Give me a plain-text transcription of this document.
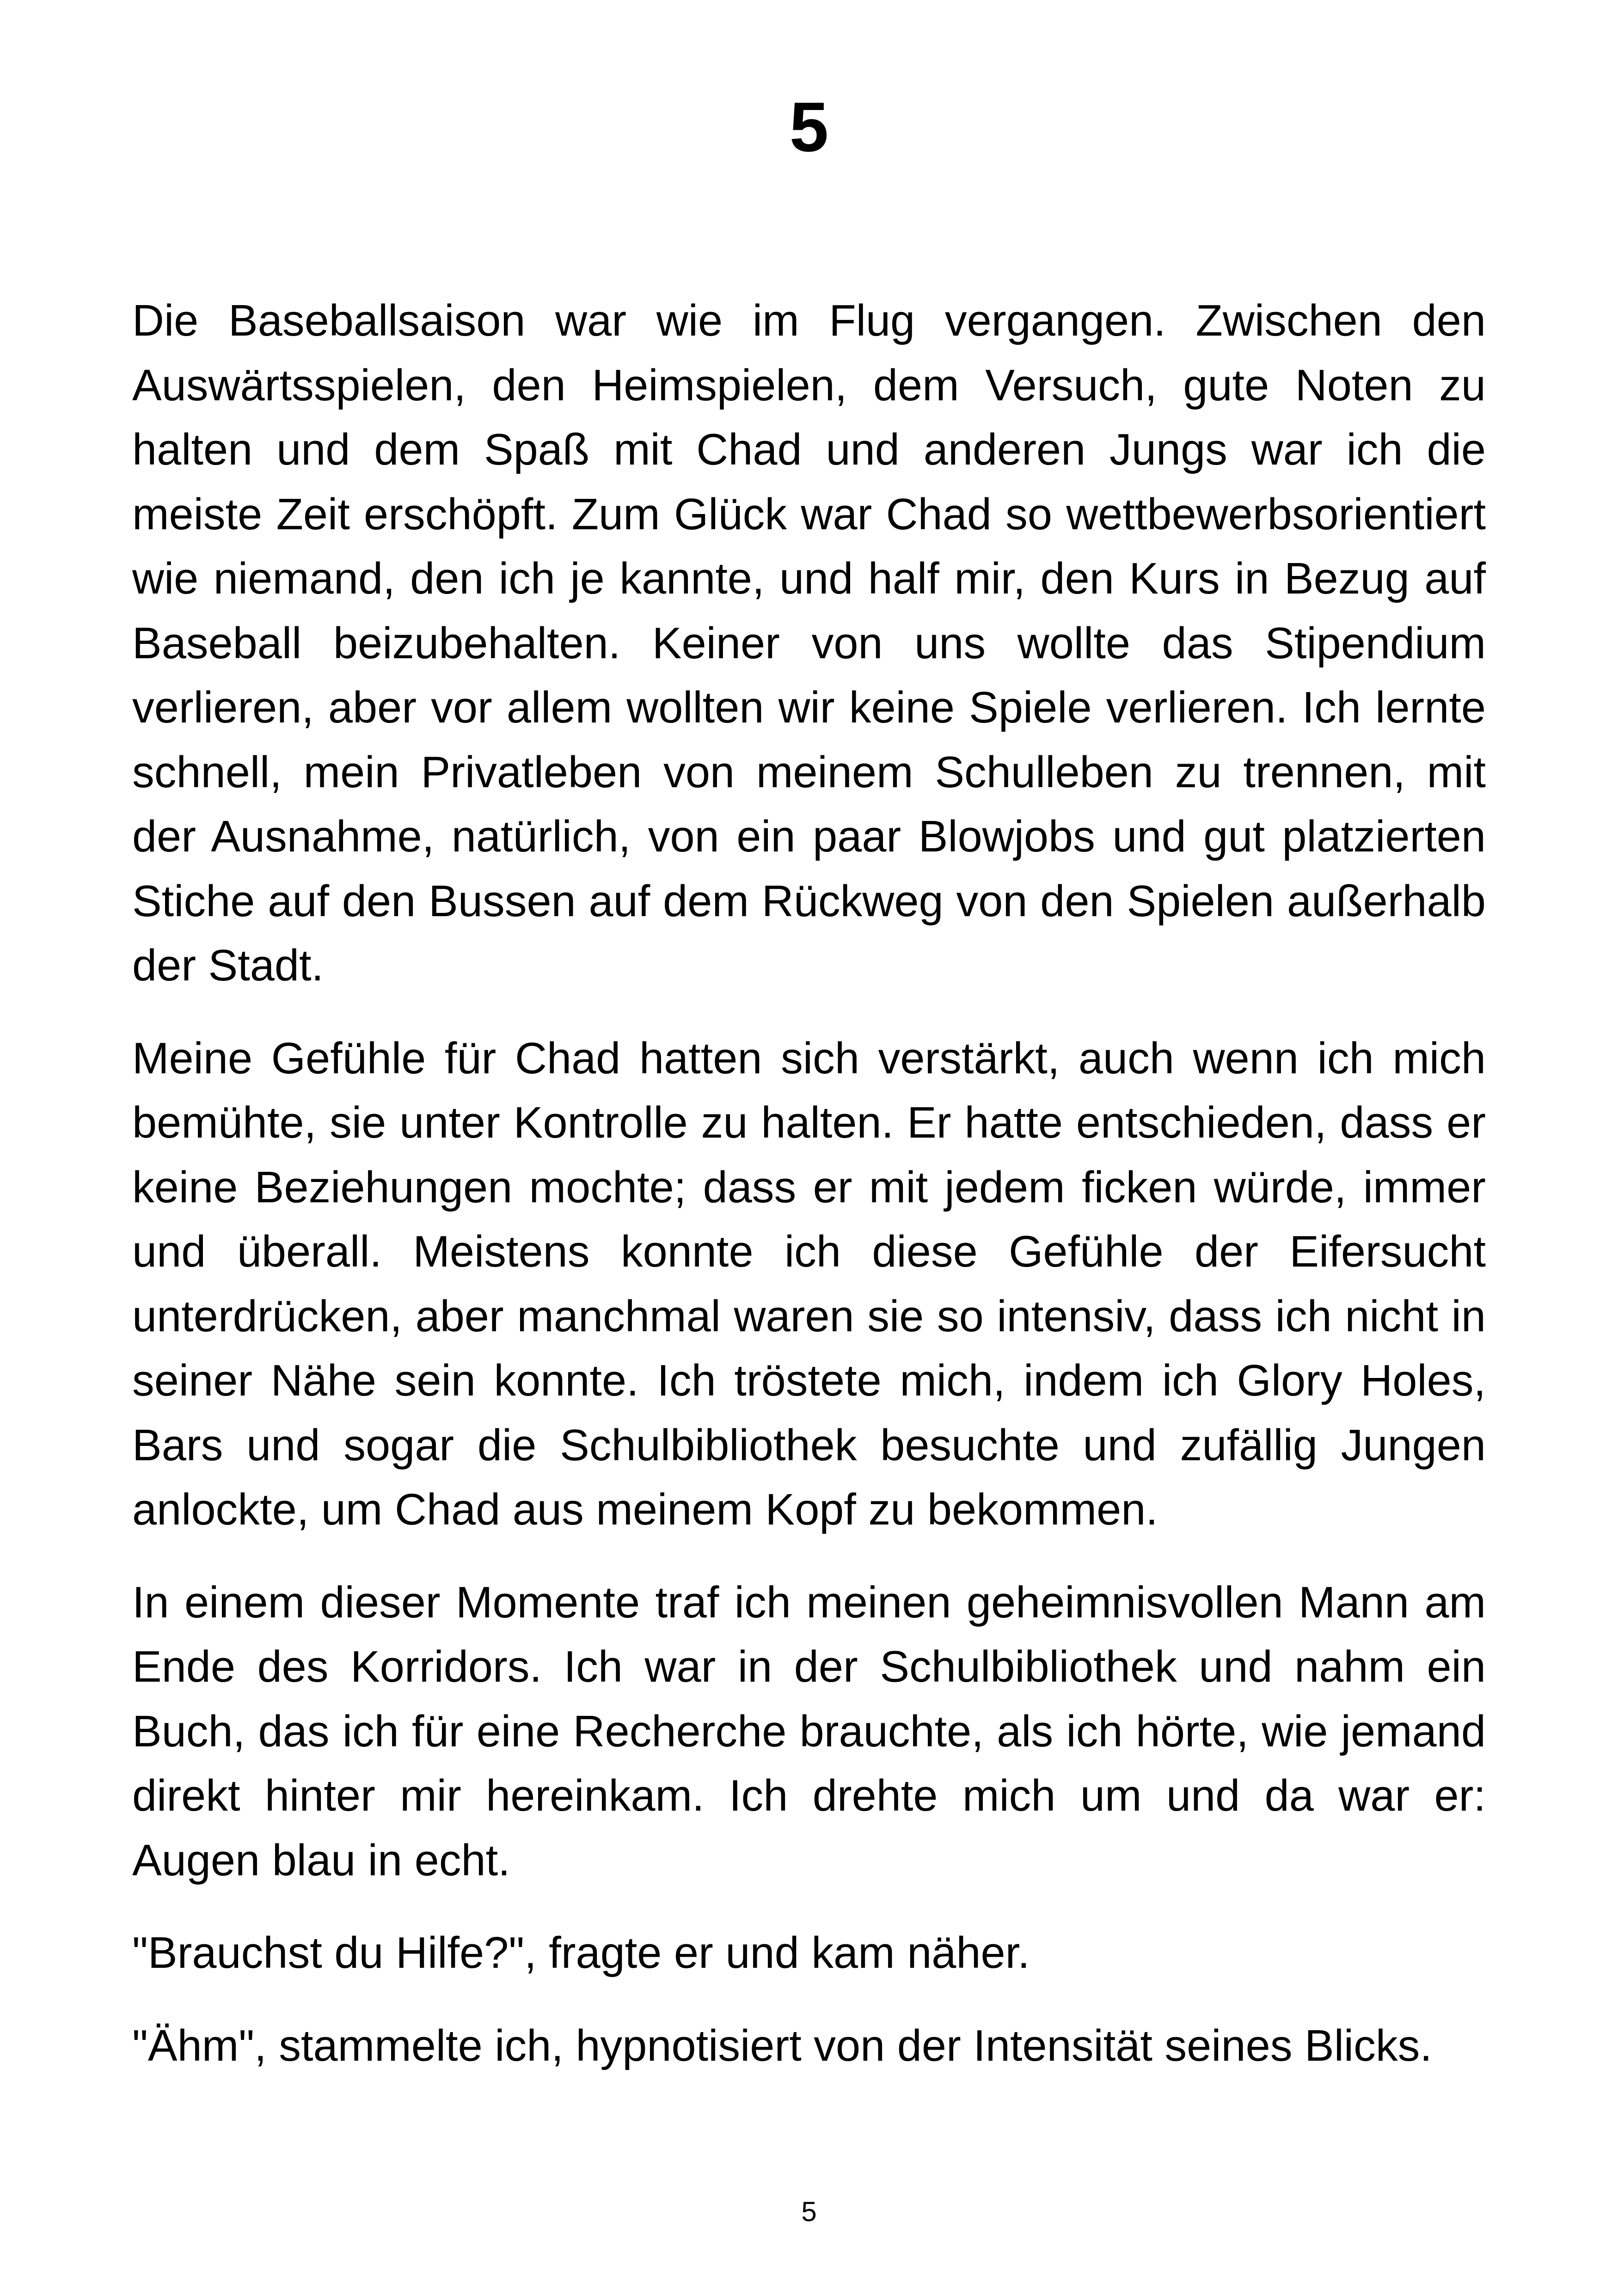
5

Die Baseballsaison war wie im Flug vergangen. Zwischen den Auswärtsspielen, den Heimspielen, dem Versuch, gute Noten zu halten und dem Spaß mit Chad und anderen Jungs war ich die meiste Zeit erschöpft. Zum Glück war Chad so wettbewerbsorientiert wie niemand, den ich je kannte, und half mir, den Kurs in Bezug auf Baseball beizubehalten. Keiner von uns wollte das Stipendium verlieren, aber vor allem wollten wir keine Spiele verlieren. Ich lernte schnell, mein Privatleben von meinem Schulleben zu trennen, mit der Ausnahme, natürlich, von ein paar Blowjobs und gut platzierten Stiche auf den Bussen auf dem Rückweg von den Spielen außerhalb der Stadt.

Meine Gefühle für Chad hatten sich verstärkt, auch wenn ich mich bemühte, sie unter Kontrolle zu halten. Er hatte entschieden, dass er keine Beziehungen mochte; dass er mit jedem ficken würde, immer und überall. Meistens konnte ich diese Gefühle der Eifersucht unterdrücken, aber manchmal waren sie so intensiv, dass ich nicht in seiner Nähe sein konnte. Ich tröstete mich, indem ich Glory Holes, Bars und sogar die Schulbibliothek besuchte und zufällig Jungen anlockte, um Chad aus meinem Kopf zu bekommen.

In einem dieser Momente traf ich meinen geheimnisvollen Mann am Ende des Korridors. Ich war in der Schulbibliothek und nahm ein Buch, das ich für eine Recherche brauchte, als ich hörte, wie jemand direkt hinter mir hereinkam. Ich drehte mich um und da war er: Augen blau in echt.

"Brauchst du Hilfe?", fragte er und kam näher.

"Ähm", stammelte ich, hypnotisiert von der Intensität seines Blicks.

5
